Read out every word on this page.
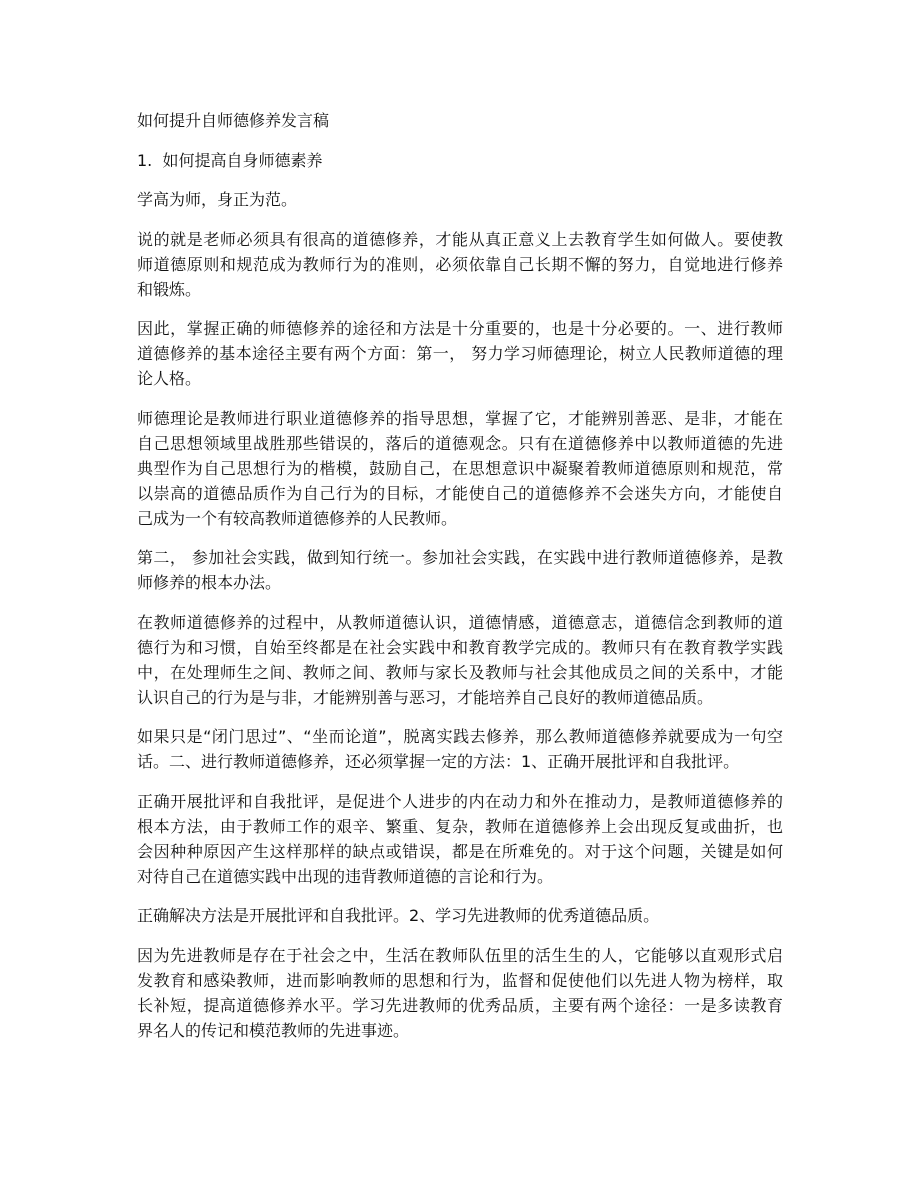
如何提升自师德修养发言稿
1.  如何提高自身师德素养
学高为师，身正为范。
说的就是老师必须具有很高的道德修养，才能从真正意义上去教育学生如何做人。要使教
师道德原则和规范成为教师行为的准则，必须依靠自己长期不懈的努力，自觉地进行修养
和锻炼。
因此，掌握正确的师德修养的途径和方法是十分重要的，也是十分必要的。一、进行教师
道德修养的基本途径主要有两个方面：第一， 努力学习师德理论，树立人民教师道德的理
论人格。
师德理论是教师进行职业道德修养的指导思想，掌握了它，才能辨别善恶、是非，才能在
自己思想领域里战胜那些错误的，落后的道德观念。只有在道德修养中以教师道德的先进
典型作为自己思想行为的楷模，鼓励自己，在思想意识中凝聚着教师道德原则和规范，常
以崇高的道德品质作为自己行为的目标，才能使自己的道德修养不会迷失方向，才能使自
己成为一个有较高教师道德修养的人民教师。
第二， 参加社会实践，做到知行统一。参加社会实践，在实践中进行教师道德修养，是教
师修养的根本办法。
在教师道德修养的过程中，从教师道德认识，道德情感，道德意志，道德信念到教师的道
德行为和习惯，自始至终都是在社会实践中和教育教学完成的。教师只有在教育教学实践
中，在处理师生之间、教师之间、教师与家长及教师与社会其他成员之间的关系中，才能
认识自己的行为是与非，才能辨别善与恶习，才能培养自己良好的教师道德品质。
如果只是“闭门思过”、“坐而论道”，脱离实践去修养，那么教师道德修养就要成为一句空
话。二、进行教师道德修养，还必须掌握一定的方法：1、正确开展批评和自我批评。
正确开展批评和自我批评，是促进个人进步的内在动力和外在推动力，是教师道德修养的
根本方法，由于教师工作的艰辛、繁重、复杂，教师在道德修养上会出现反复或曲折，也
会因种种原因产生这样那样的缺点或错误，都是在所难免的。对于这个问题，关键是如何
对待自己在道德实践中出现的违背教师道德的言论和行为。
正确解决方法是开展批评和自我批评。2、学习先进教师的优秀道德品质。
因为先进教师是存在于社会之中，生活在教师队伍里的活生生的人，它能够以直观形式启
发教育和感染教师，进而影响教师的思想和行为，监督和促使他们以先进人物为榜样，取
长补短，提高道德修养水平。学习先进教师的优秀品质，主要有两个途径：一是多读教育
界名人的传记和模范教师的先进事迹。
